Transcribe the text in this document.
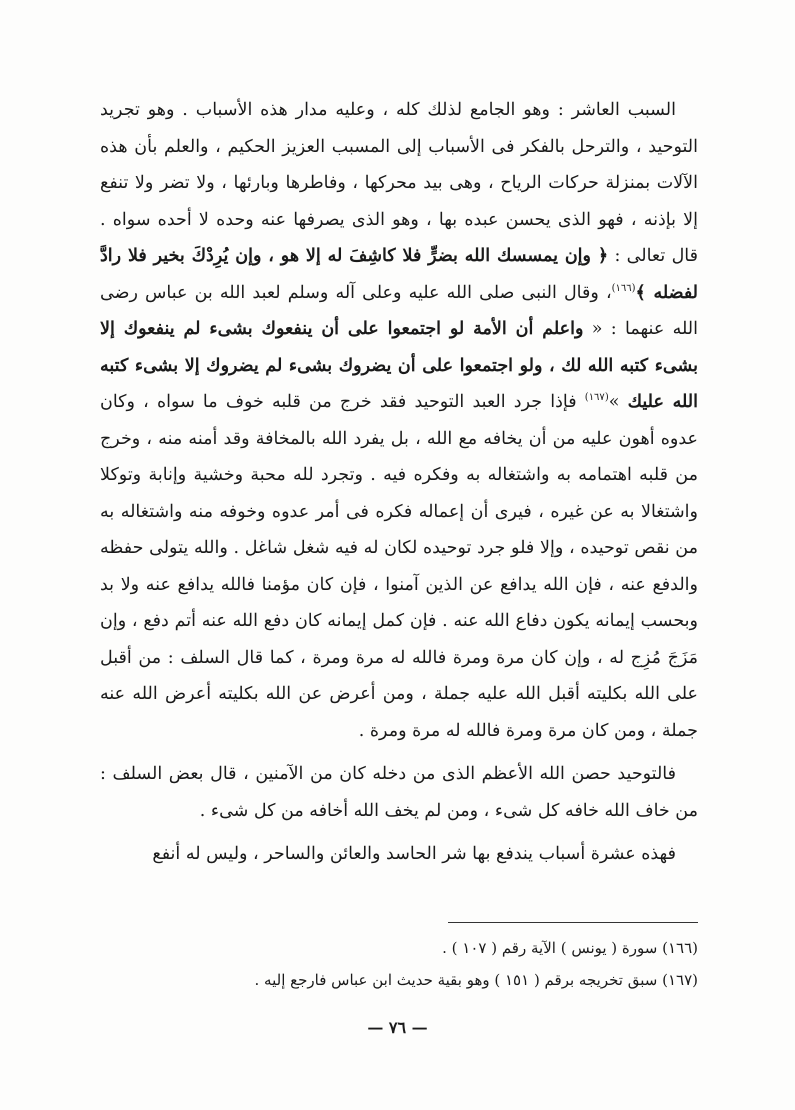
السبب العاشر : وهو الجامع لذلك كله ، وعليه مدار هذه الأسباب . وهو تجريد التوحيد ، والترحل بالفكر فى الأسباب إلى المسبب العزيز الحكيم ، والعلم بأن هذه الآلات بمنزلة حركات الرياح ، وهى بيد محركها ، وفاطرها وبارئها ، ولا تضر ولا تنفع إلا بإذنه ، فهو الذى يحسن عبده بها ، وهو الذى يصرفها عنه وحده لا أحده سواه . قال تعالى : ﴿ وإن يمسسك الله بضرٍّ فلا كاشِفَ له إلا هو ، وإن يُرِدْكَ بخير فلا رادَّ لفضله ﴾$^{(١٦٦)}$، وقال النبى صلى الله عليه وعلى آله وسلم لعبد الله بن عباس رضى الله عنهما : « واعلم أن الأمة لو اجتمعوا على أن ينفعوك بشىء لم ينفعوك إلا بشىء كتبه الله لك ، ولو اجتمعوا على أن يضروك بشىء لم يضروك إلا بشىء كتبه الله عليك »$^{(١٦٧)}$ فإذا جرد العبد التوحيد فقد خرج من قلبه خوف ما سواه ، وكان عدوه أهون عليه من أن يخافه مع الله ، بل يفرد الله بالمخافة وقد أمنه منه ، وخرج من قلبه اهتمامه به واشتغاله به وفكره فيه . وتجرد لله محبة وخشية وإنابة وتوكلا واشتغالا به عن غيره ، فيرى أن إعماله فكره فى أمر عدوه وخوفه منه واشتغاله به من نقص توحيده ، وإلا فلو جرد توحيده لكان له فيه شغل شاغل . والله يتولى حفظه والدفع عنه ، فإن الله يدافع عن الذين آمنوا ، فإن كان مؤمنا فالله يدافع عنه ولا بد وبحسب إيمانه يكون دفاع الله عنه . فإن كمل إيمانه كان دفع الله عنه أتم دفع ، وإن مَزَجَ مُزِج له ، وإن كان مرة ومرة فالله له مرة ومرة ، كما قال السلف : من أقبل على الله بكليته أقبل الله عليه جملة ، ومن أعرض عن الله بكليته أعرض الله عنه جملة ، ومن كان مرة ومرة فالله له مرة ومرة .

فالتوحيد حصن الله الأعظم الذى من دخله كان من الآمنين ، قال بعض السلف : من خاف الله خافه كل شىء ، ومن لم يخف الله أخافه من كل شىء .

فهذه عشرة أسباب يندفع بها شر الحاسد والعائن والساحر ، وليس له أنفع

(١٦٦) سورة ( يونس ) الآية رقم ( ١٠٧ ) .

(١٦٧) سبق تخريجه برقم ( ١٥١ ) وهو بقية حديث ابن عباس فارجع إليه .

— ٧٦ —
